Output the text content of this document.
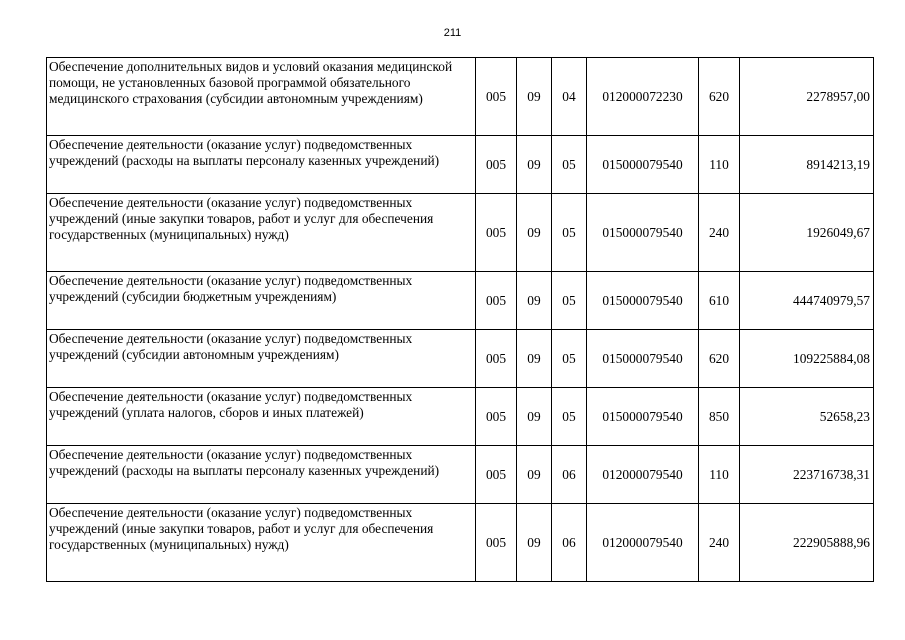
211
Обеспечение дополнительных видов и условий оказания медицинской помощи, не установленных базовой программой обязательного медицинского страхования (субсидии автономным учреждениям)	005	09	04	012000072230	620	2278957,00
Обеспечение деятельности (оказание услуг) подведомственных учреждений (расходы на выплаты персоналу казенных учреждений)	005	09	05	015000079540	110	8914213,19
Обеспечение деятельности (оказание услуг) подведомственных учреждений (иные закупки товаров, работ и услуг для обеспечения государственных (муниципальных) нужд)	005	09	05	015000079540	240	1926049,67
Обеспечение деятельности (оказание услуг) подведомственных учреждений (субсидии бюджетным учреждениям)	005	09	05	015000079540	610	444740979,57
Обеспечение деятельности (оказание услуг) подведомственных учреждений (субсидии автономным учреждениям)	005	09	05	015000079540	620	109225884,08
Обеспечение деятельности (оказание услуг) подведомственных учреждений (уплата налогов, сборов и иных платежей)	005	09	05	015000079540	850	52658,23
Обеспечение деятельности (оказание услуг) подведомственных учреждений (расходы на выплаты персоналу казенных учреждений)	005	09	06	012000079540	110	223716738,31
Обеспечение деятельности (оказание услуг) подведомственных учреждений (иные закупки товаров, работ и услуг для обеспечения государственных (муниципальных) нужд)	005	09	06	012000079540	240	222905888,96
